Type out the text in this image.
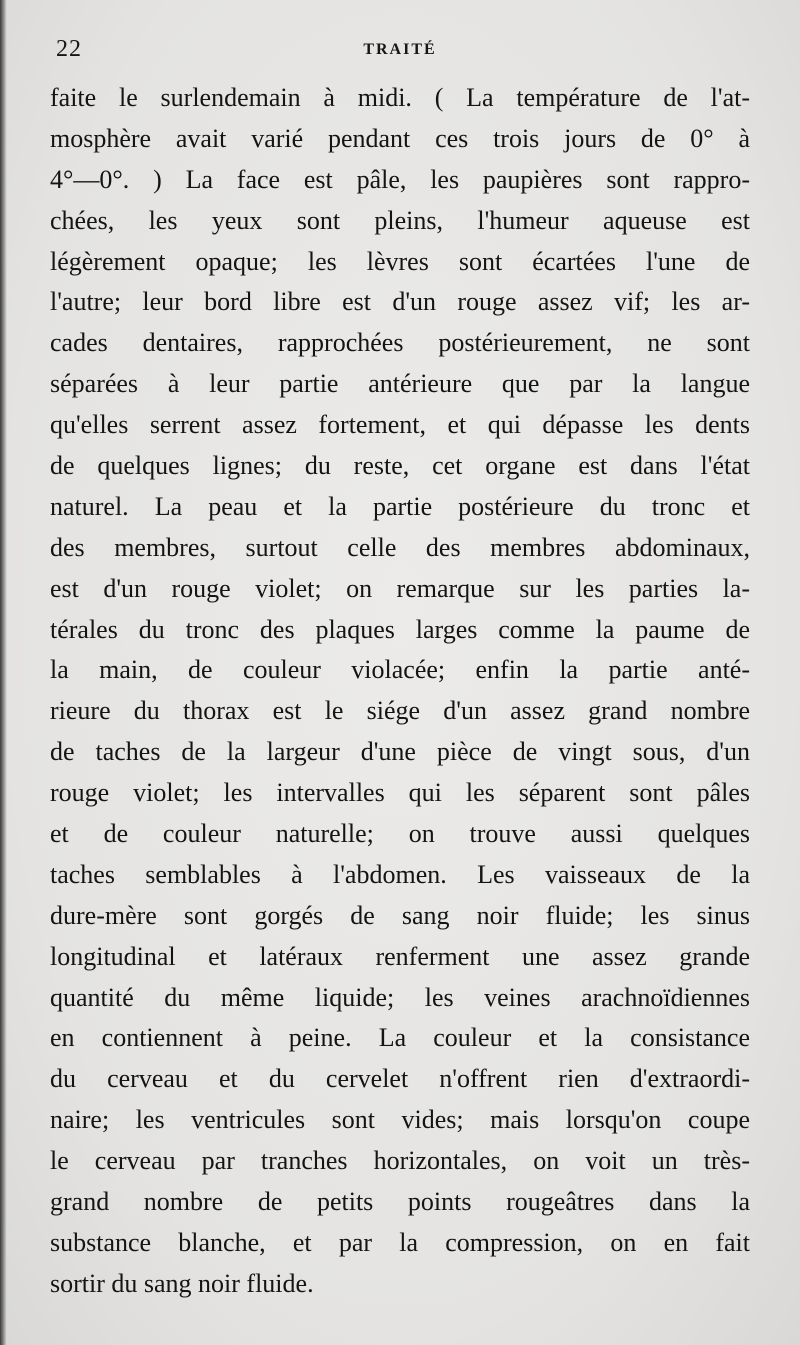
22	TRAITÉ
faite le surlendemain à midi. ( La température de l'at-
mosphère avait varié pendant ces trois jours de 0° à
4°—0°. ) La face est pâle, les paupières sont rappro-
chées, les yeux sont pleins, l'humeur aqueuse est
légèrement opaque; les lèvres sont écartées l'une de
l'autre; leur bord libre est d'un rouge assez vif; les ar-
cades dentaires, rapprochées postérieurement, ne sont
séparées à leur partie antérieure que par la langue
qu'elles serrent assez fortement, et qui dépasse les dents
de quelques lignes; du reste, cet organe est dans l'état
naturel. La peau et la partie postérieure du tronc et
des membres, surtout celle des membres abdominaux,
est d'un rouge violet; on remarque sur les parties la-
térales du tronc des plaques larges comme la paume de
la main, de couleur violacée; enfin la partie anté-
rieure du thorax est le siége d'un assez grand nombre
de taches de la largeur d'une pièce de vingt sous, d'un
rouge violet; les intervalles qui les séparent sont pâles
et de couleur naturelle; on trouve aussi quelques
taches semblables à l'abdomen. Les vaisseaux de la
dure-mère sont gorgés de sang noir fluide; les sinus
longitudinal et latéraux renferment une assez grande
quantité du même liquide; les veines arachnoïdiennes
en contiennent à peine. La couleur et la consistance
du cerveau et du cervelet n'offrent rien d'extraordi-
naire; les ventricules sont vides; mais lorsqu'on coupe
le cerveau par tranches horizontales, on voit un très-
grand nombre de petits points rougeâtres dans la
substance blanche, et par la compression, on en fait
sortir du sang noir fluide.
